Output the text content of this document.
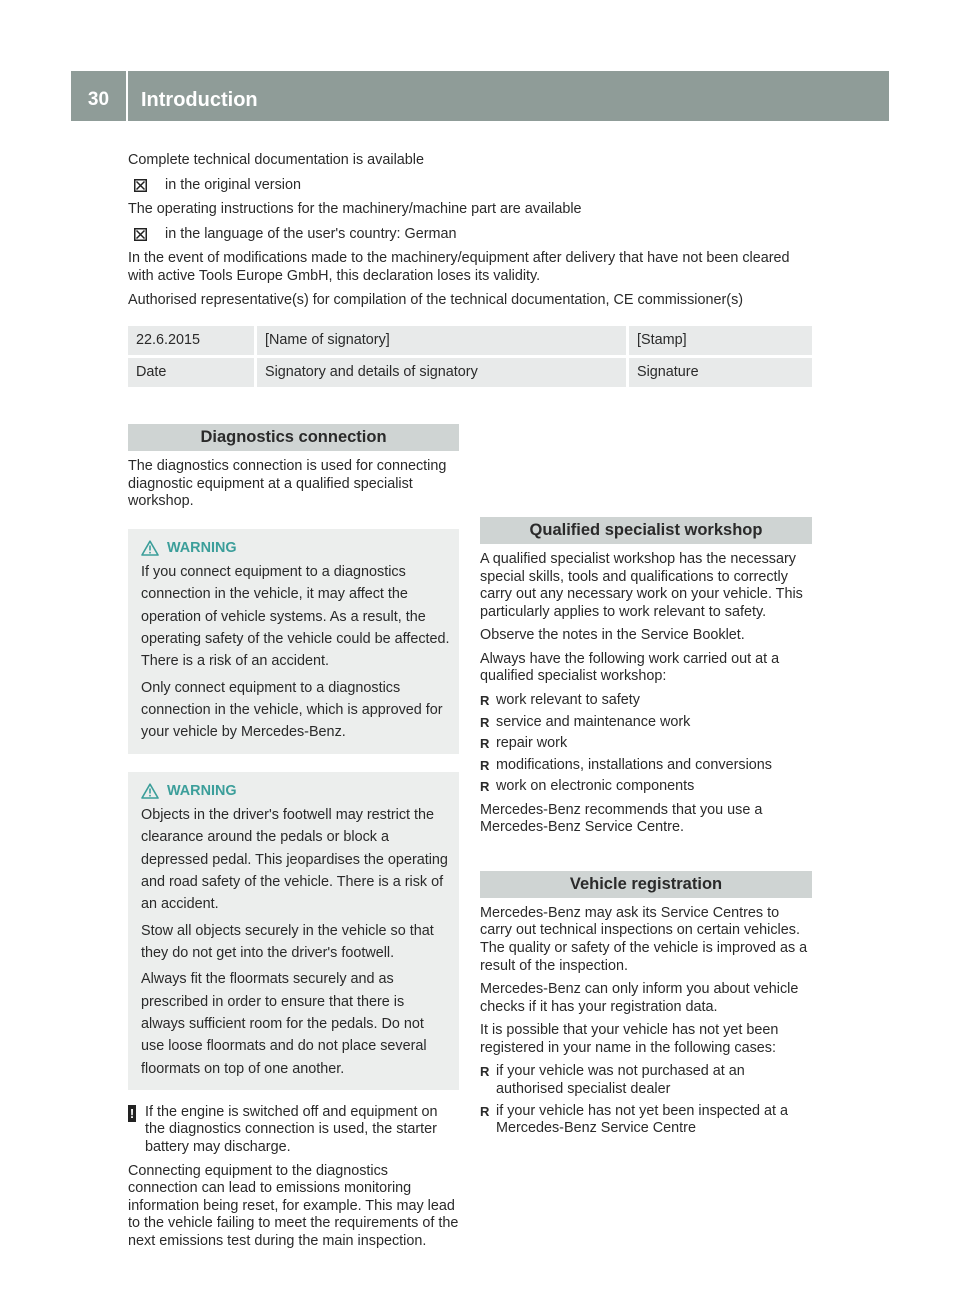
30	Introduction

Complete technical documentation is available

in the original version

The operating instructions for the machinery/machine part are available

in the language of the user's country: German

In the event of modifications made to the machinery/equipment after delivery that have not been cleared with active Tools Europe GmbH, this declaration loses its validity.

Authorised representative(s) for compilation of the technical documentation, CE commissioner(s)

22.6.2015	[Name of signatory]	[Stamp]
Date	Signatory and details of signatory	Signature
Diagnostics connection

The diagnostics connection is used for connecting diagnostic equipment at a qualified specialist workshop.

WARNING

If you connect equipment to a diagnostics connection in the vehicle, it may affect the operation of vehicle systems. As a result, the operating safety of the vehicle could be affected. There is a risk of an accident.

Only connect equipment to a diagnostics connection in the vehicle, which is approved for your vehicle by Mercedes-Benz.

WARNING

Objects in the driver's footwell may restrict the clearance around the pedals or block a depressed pedal. This jeopardises the operating and road safety of the vehicle. There is a risk of an accident.

Stow all objects securely in the vehicle so that they do not get into the driver's footwell.

Always fit the floormats securely and as prescribed in order to ensure that there is always sufficient room for the pedals. Do not use loose floormats and do not place several floormats on top of one another.

! If the engine is switched off and equipment on the diagnostics connection is used, the starter battery may discharge.

Connecting equipment to the diagnostics connection can lead to emissions monitoring information being reset, for example. This may lead to the vehicle failing to meet the requirements of the next emissions test during the main inspection.

Qualified specialist workshop

A qualified specialist workshop has the necessary special skills, tools and qualifications to correctly carry out any necessary work on your vehicle. This particularly applies to work relevant to safety.

Observe the notes in the Service Booklet.

Always have the following work carried out at a qualified specialist workshop:

R work relevant to safety
R service and maintenance work
R repair work
R modifications, installations and conversions
R work on electronic components

Mercedes-Benz recommends that you use a Mercedes-Benz Service Centre.

Vehicle registration

Mercedes-Benz may ask its Service Centres to carry out technical inspections on certain vehicles. The quality or safety of the vehicle is improved as a result of the inspection.

Mercedes-Benz can only inform you about vehicle checks if it has your registration data.

It is possible that your vehicle has not yet been registered in your name in the following cases:

R if your vehicle was not purchased at an authorised specialist dealer
R if your vehicle has not yet been inspected at a Mercedes-Benz Service Centre
